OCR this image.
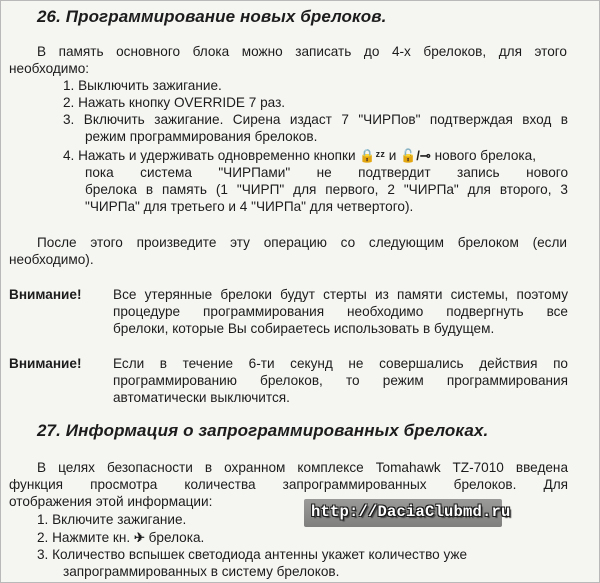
26. Программирование новых брелоков.
В память основного блока можно записать до 4-х брелоков, для этого
необходимо:
1. Выключить зажигание.
2. Нажать кнопку OVERRIDE 7 раз.
3. Включить зажигание. Сирена издаст 7 "ЧИРПов" подтверждая вход в
режим программирования брелоков.
4. Нажать и удерживать одновременно кнопки 🔒ᶻᶻ и 🔓/⊸ нового брелока,
пока система "ЧИРПами" не подтвердит запись нового
брелока в память (1 "ЧИРП" для первого, 2 "ЧИРПа" для второго, 3
"ЧИРПа" для третьего и 4 "ЧИРПа" для четвертого).
После этого произведите эту операцию со следующим брелоком (если
необходимо).
Внимание! Все утерянные брелоки будут стерты из памяти системы, поэтому
процедуре программирования необходимо подвергнуть все
брелоки, которые Вы собираетесь использовать в будущем.
Внимание! Если в течение 6-ти секунд не совершались действия по
программированию брелоков, то режим программирования
автоматически выключится.
27. Информация о запрограммированных брелоках.
В целях безопасности в охранном комплексе Tomahawk TZ-7010 введена
функция просмотра количества запрограммированных брелоков. Для
отображения этой информации:
1. Включите зажигание.
2. Нажмите кн. ✈ брелока.
3. Количество вспышек светодиода антенны укажет количество уже
запрограммированных в систему брелоков.
http://DaciaClubmd.ru
